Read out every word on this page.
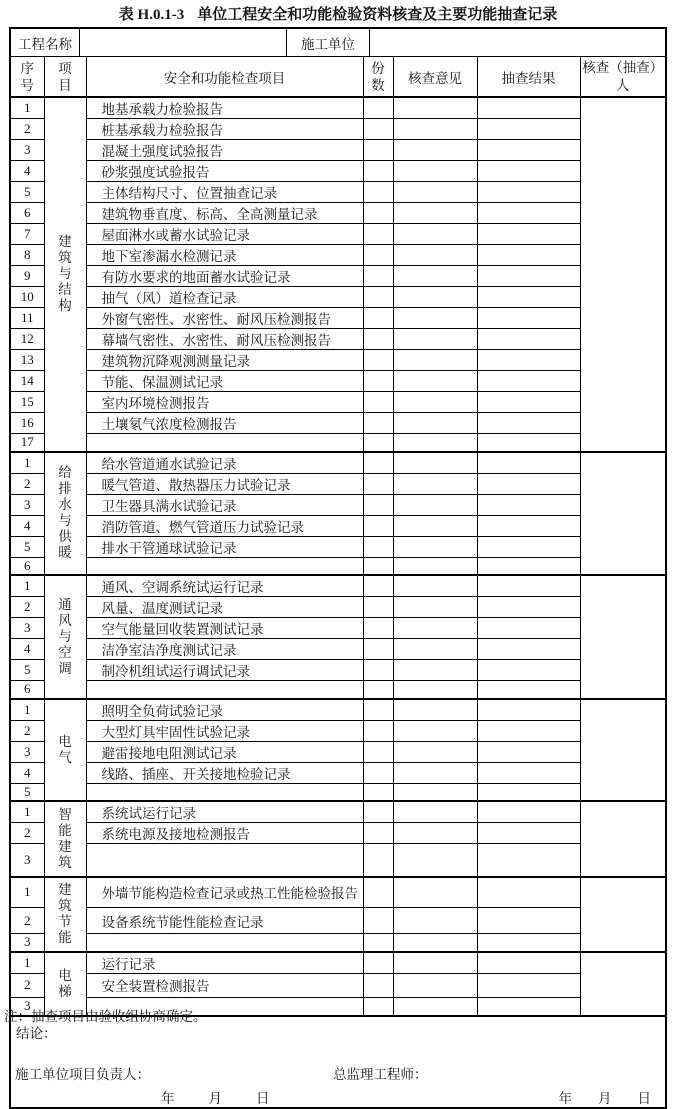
表 H.0.1-3 单位工程安全和功能检验资料核查及主要功能抽查记录
工程名称	施工单位
序号	项目	安全和功能检查项目	份数	核查意见	抽查结果	核查（抽查）人
1	建筑与结构	地基承载力检验报告				
2		桩基承载力检验报告				
3		混凝土强度试验报告				
4		砂浆强度试验报告				
5		主体结构尺寸、位置抽查记录				
6		建筑物垂直度、标高、全高测量记录				
7		屋面淋水或蓄水试验记录				
8		地下室渗漏水检测记录				
9		有防水要求的地面蓄水试验记录				
10		抽气（风）道检查记录				
11		外窗气密性、水密性、耐风压检测报告				
12		幕墙气密性、水密性、耐风压检测报告				
13		建筑物沉降观测测量记录				
14		节能、保温测试记录				
15		室内环境检测报告				
16		土壤氡气浓度检测报告				
17						
1	给排水与供暖	给水管道通水试验记录				
2		暖气管道、散热器压力试验记录				
3		卫生器具满水试验记录				
4		消防管道、燃气管道压力试验记录				
5		排水干管通球试验记录				
6						
1	通风与空调	通风、空调系统试运行记录				
2		风量、温度测试记录				
3		空气能量回收装置测试记录				
4		洁净室洁净度测试记录				
5		制冷机组试运行调试记录				
6						
1	电气	照明全负荷试验记录				
2		大型灯具牢固性试验记录				
3		避雷接地电阻测试记录				
4		线路、插座、开关接地检验记录				
5						
1	智能建筑	系统试运行记录				
2		系统电源及接地检测报告				
3						
1	建筑节能	外墙节能构造检查记录或热工性能检验报告				
2		设备系统节能性能检查记录				
3						
1	电梯	运行记录				
2		安全装置检测报告				
3						
结论：
施工单位项目负责人：	总监理工程师：
年	月	日	年 月 日
注：抽查项目由验收组协商确定。
